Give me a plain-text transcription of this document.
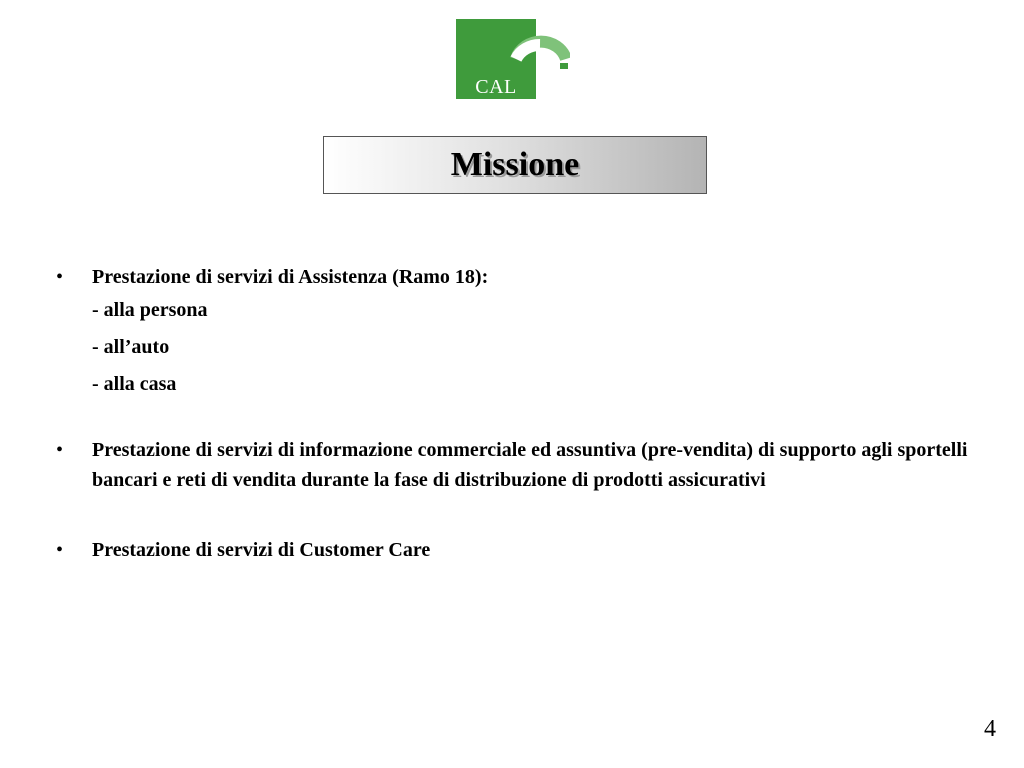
CAL
Missione
•	Prestazione di servizi di Assistenza (Ramo 18):
- alla persona
- all’auto
- alla casa
•	Prestazione di servizi di informazione commerciale ed assuntiva (pre-vendita) di supporto agli sportelli bancari e reti di vendita durante la fase di distribuzione di prodotti assicurativi
•	Prestazione di servizi di Customer Care
4
